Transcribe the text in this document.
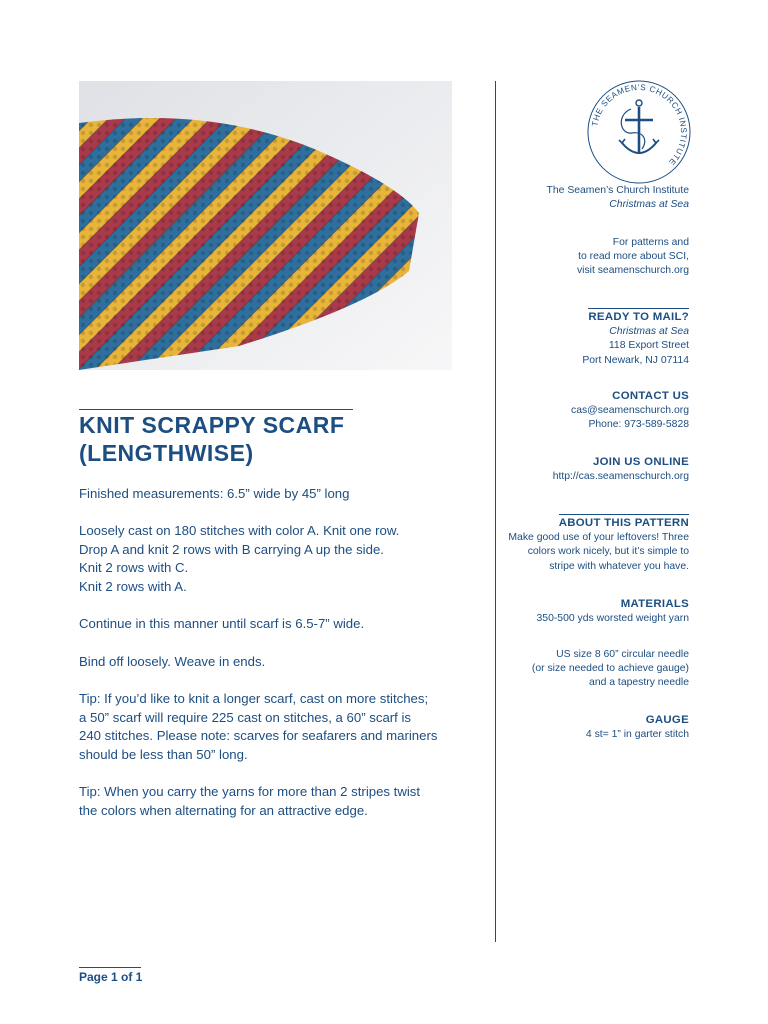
KNIT SCRAPPY SCARF
(LENGTHWISE)
Finished measurements: 6.5” wide by 45” long
Loosely cast on 180 stitches with color A. Knit one row.
Drop A and knit 2 rows with B carrying A up the side.
Knit 2 rows with C.
Knit 2 rows with A.
Continue in this manner until scarf is 6.5-7” wide.
Bind off loosely. Weave in ends.
Tip: If you’d like to knit a longer scarf, cast on more stitches;
a 50” scarf will require 225 cast on stitches, a 60” scarf is
240 stitches. Please note: scarves for seafarers and mariners
should be less than 50” long.
Tip: When you carry the yarns for more than 2 stripes twist
the colors when alternating for an attractive edge.
Page 1 of 1
THE SEAMEN’S CHURCH INSTITUTE
The Seamen’s Church Institute
Christmas at Sea
For patterns and
to read more about SCI,
visit seamenschurch.org
READY TO MAIL?
Christmas at Sea
118 Export Street
Port Newark, NJ 07114
CONTACT US
cas@seamenschurch.org
Phone: 973-589-5828
JOIN US ONLINE
http://cas.seamenschurch.org
ABOUT THIS PATTERN
Make good use of your leftovers! Three
colors work nicely, but it’s simple to
stripe with whatever you have.
MATERIALS
350-500 yds worsted weight yarn
US size 8 60” circular needle
(or size needed to achieve gauge)
and a tapestry needle
GAUGE
4 st= 1” in garter stitch
